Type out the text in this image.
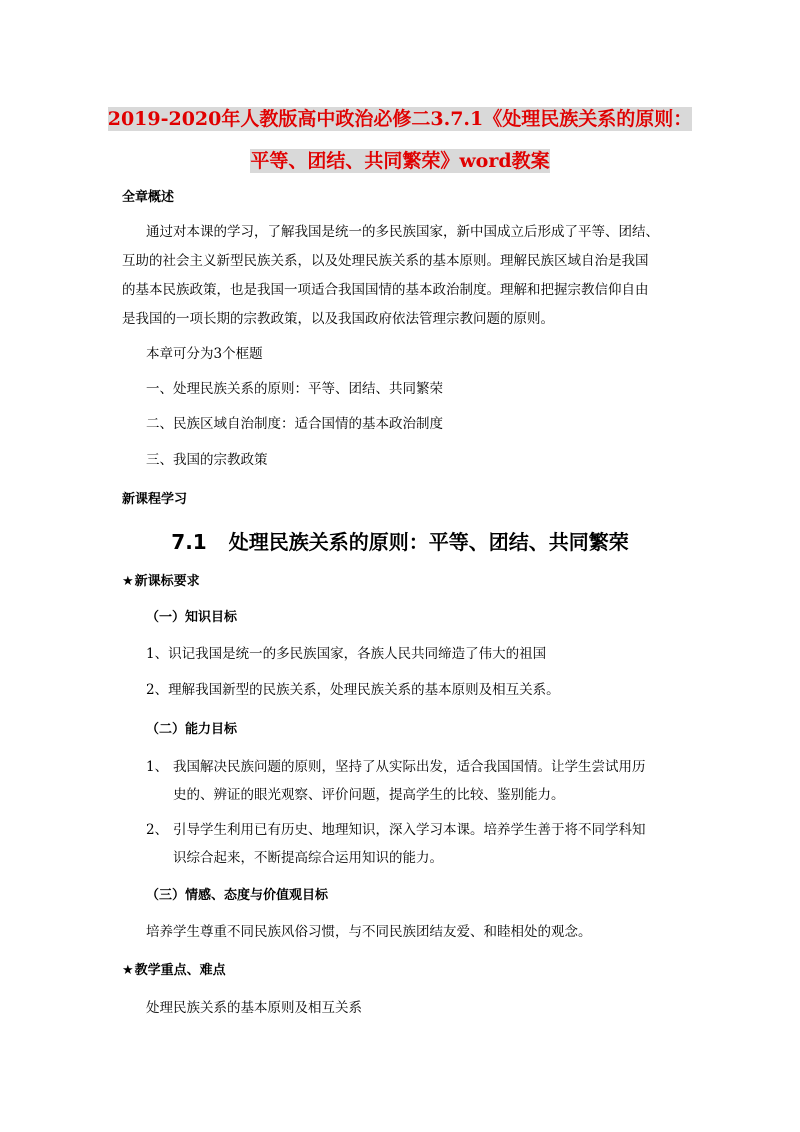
2019-2020年人教版高中政治必修二3.7.1《处理民族关系的原则：
平等、团结、共同繁荣》word教案
全章概述
通过对本课的学习，了解我国是统一的多民族国家，新中国成立后形成了平等、团结、
互助的社会主义新型民族关系，以及处理民族关系的基本原则。理解民族区域自治是我国
的基本民族政策，也是我国一项适合我国国情的基本政治制度。理解和把握宗教信仰自由
是我国的一项长期的宗教政策，以及我国政府依法管理宗教问题的原则。
本章可分为3个框题
一、处理民族关系的原则：平等、团结、共同繁荣
二、民族区域自治制度：适合国情的基本政治制度
三、我国的宗教政策
新课程学习
7.1 处理民族关系的原则：平等、团结、共同繁荣
★新课标要求
（一）知识目标
1、识记我国是统一的多民族国家，各族人民共同缔造了伟大的祖国
2、理解我国新型的民族关系，处理民族关系的基本原则及相互关系。
（二）能力目标
1、 我国解决民族问题的原则，坚持了从实际出发，适合我国国情。让学生尝试用历
史的、辨证的眼光观察、评价问题，提高学生的比较、鉴别能力。
2、 引导学生利用已有历史、地理知识，深入学习本课。培养学生善于将不同学科知
识综合起来，不断提高综合运用知识的能力。
（三）情感、态度与价值观目标
培养学生尊重不同民族风俗习惯，与不同民族团结友爱、和睦相处的观念。
★教学重点、难点
处理民族关系的基本原则及相互关系
